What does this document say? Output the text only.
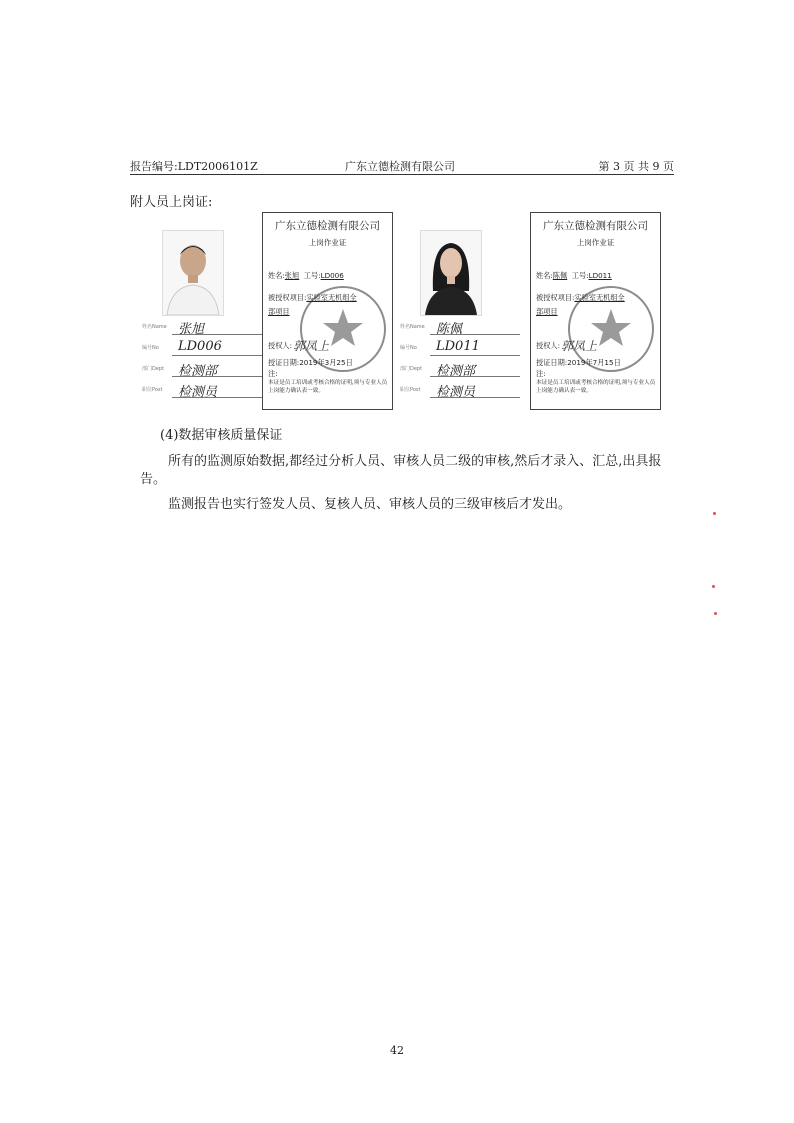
报告编号:LDT2006101Z	广东立德检测有限公司	第 3 页 共 9 页
附人员上岗证:
姓名Name 张旭
编号No LD006
部门Dept 检测部
职位Post 检测员
广东立德检测有限公司
上岗作业证
姓名:张旭 工号:LD006
被授权项目:实验室无机组全
部项目
授权人: 郭凤上
授证日期:2019年3月25日
注:
本证是员工培训或考核合格的证明,须与专业人员上岗能力确认表一致。
姓名Name 陈佩
编号No LD011
部门Dept 检测部
职位Post 检测员
广东立德检测有限公司
上岗作业证
姓名:陈佩 工号:LD011
被授权项目:实验室无机组全
部项目
授权人: 郭凤上
授证日期:2019年7月15日
注:
本证是员工培训或考核合格的证明,须与专业人员上岗能力确认表一致。
(4)数据审核质量保证
所有的监测原始数据,都经过分析人员、审核人员二级的审核,然后才录入、汇总,出具报告。
监测报告也实行签发人员、复核人员、审核人员的三级审核后才发出。
42
